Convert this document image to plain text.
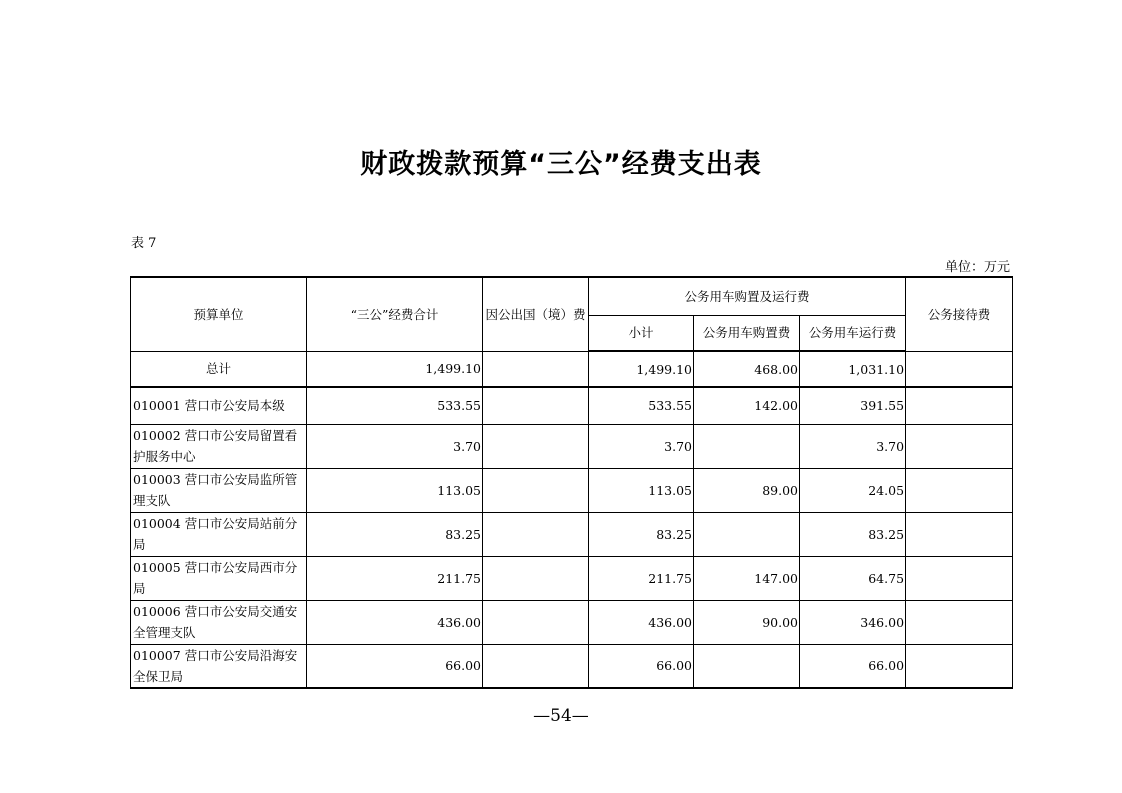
财政拨款预算“三公”经费支出表
表 7
单位：万元
预算单位	“三公”经费合计	因公出国（境）费	公务用车购置及运行费			公务接待费
			小计	公务用车购置费	公务用车运行费	
总计	1,499.10		1,499.10	468.00	1,031.10	
010001 营口市公安局本级	533.55		533.55	142.00	391.55	
010002 营口市公安局留置看护服务中心	3.70		3.70		3.70	
010003 营口市公安局监所管理支队	113.05		113.05	89.00	24.05	
010004 营口市公安局站前分局	83.25		83.25		83.25	
010005 营口市公安局西市分局	211.75		211.75	147.00	64.75	
010006 营口市公安局交通安全管理支队	436.00		436.00	90.00	346.00	
010007 营口市公安局沿海安全保卫局	66.00		66.00		66.00	
—54—
